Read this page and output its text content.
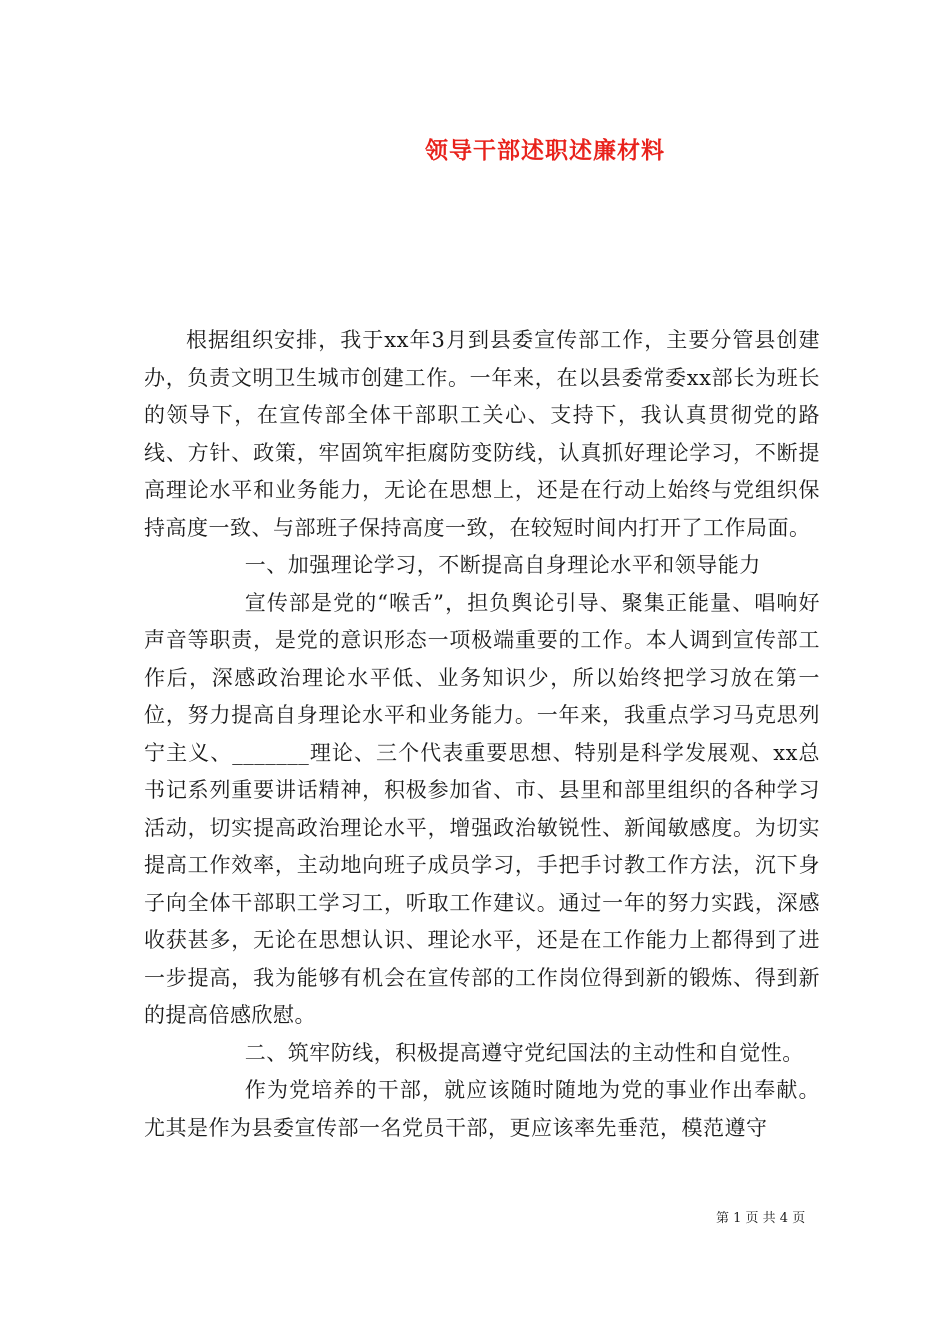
领导干部述职述廉材料

根据组织安排，我于xx年3月到县委宣传部工作，主要分管县创建办，负责文明卫生城市创建工作。一年来，在以县委常委xx部长为班长的领导下，在宣传部全体干部职工关心、支持下，我认真贯彻党的路线、方针、政策，牢固筑牢拒腐防变防线，认真抓好理论学习，不断提高理论水平和业务能力，无论在思想上，还是在行动上始终与党组织保持高度一致、与部班子保持高度一致，在较短时间内打开了工作局面。

一、加强理论学习，不断提高自身理论水平和领导能力

宣传部是党的“喉舌”，担负舆论引导、聚集正能量、唱响好声音等职责，是党的意识形态一项极端重要的工作。本人调到宣传部工作后，深感政治理论水平低、业务知识少，所以始终把学习放在第一位，努力提高自身理论水平和业务能力。一年来，我重点学习马克思列宁主义、_______理论、三个代表重要思想、特别是科学发展观、xx总书记系列重要讲话精神，积极参加省、市、县里和部里组织的各种学习活动，切实提高政治理论水平，增强政治敏锐性、新闻敏感度。为切实提高工作效率，主动地向班子成员学习，手把手讨教工作方法，沉下身子向全体干部职工学习工，听取工作建议。通过一年的努力实践，深感收获甚多，无论在思想认识、理论水平，还是在工作能力上都得到了进一步提高，我为能够有机会在宣传部的工作岗位得到新的锻炼、得到新的提高倍感欣慰。

二、筑牢防线，积极提高遵守党纪国法的主动性和自觉性。

作为党培养的干部，就应该随时随地为党的事业作出奉献。尤其是作为县委宣传部一名党员干部，更应该率先垂范，模范遵守

第 1 页 共 4 页
